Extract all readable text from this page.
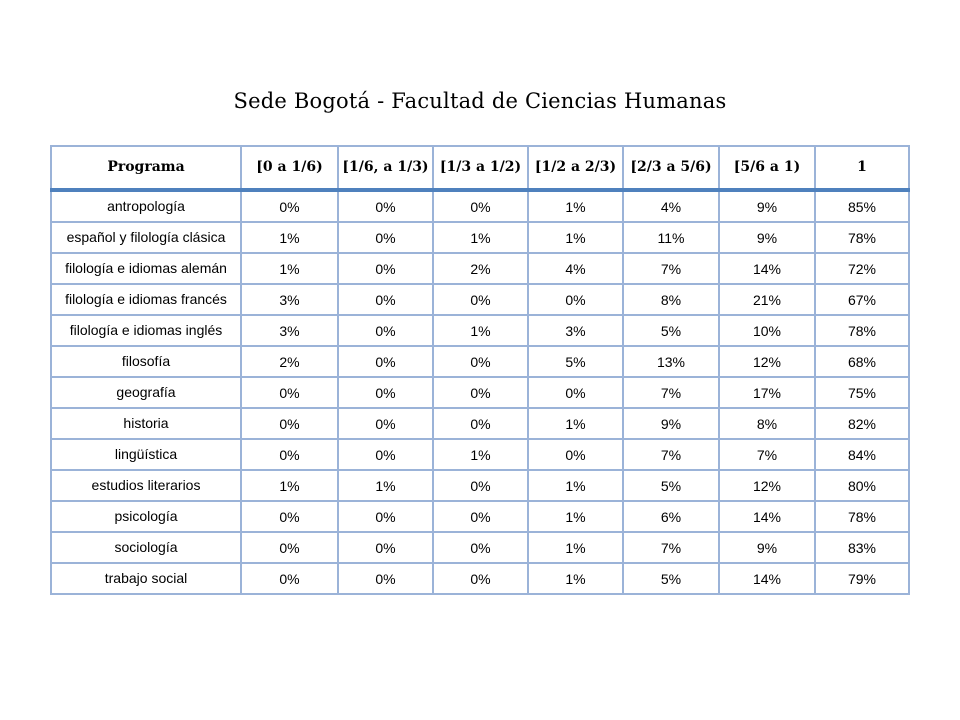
Sede Bogotá - Facultad de Ciencias Humanas
Programa	[0 a 1/6)	[1/6, a 1/3)	[1/3 a 1/2)	[1/2 a 2/3)	[2/3 a 5/6)	[5/6 a 1)	1
antropología	0%	0%	0%	1%	4%	9%	85%
español y filología clásica	1%	0%	1%	1%	11%	9%	78%
filología e idiomas alemán	1%	0%	2%	4%	7%	14%	72%
filología e idiomas francés	3%	0%	0%	0%	8%	21%	67%
filología e idiomas inglés	3%	0%	1%	3%	5%	10%	78%
filosofía	2%	0%	0%	5%	13%	12%	68%
geografía	0%	0%	0%	0%	7%	17%	75%
historia	0%	0%	0%	1%	9%	8%	82%
lingüística	0%	0%	1%	0%	7%	7%	84%
estudios literarios	1%	1%	0%	1%	5%	12%	80%
psicología	0%	0%	0%	1%	6%	14%	78%
sociología	0%	0%	0%	1%	7%	9%	83%
trabajo social	0%	0%	0%	1%	5%	14%	79%
